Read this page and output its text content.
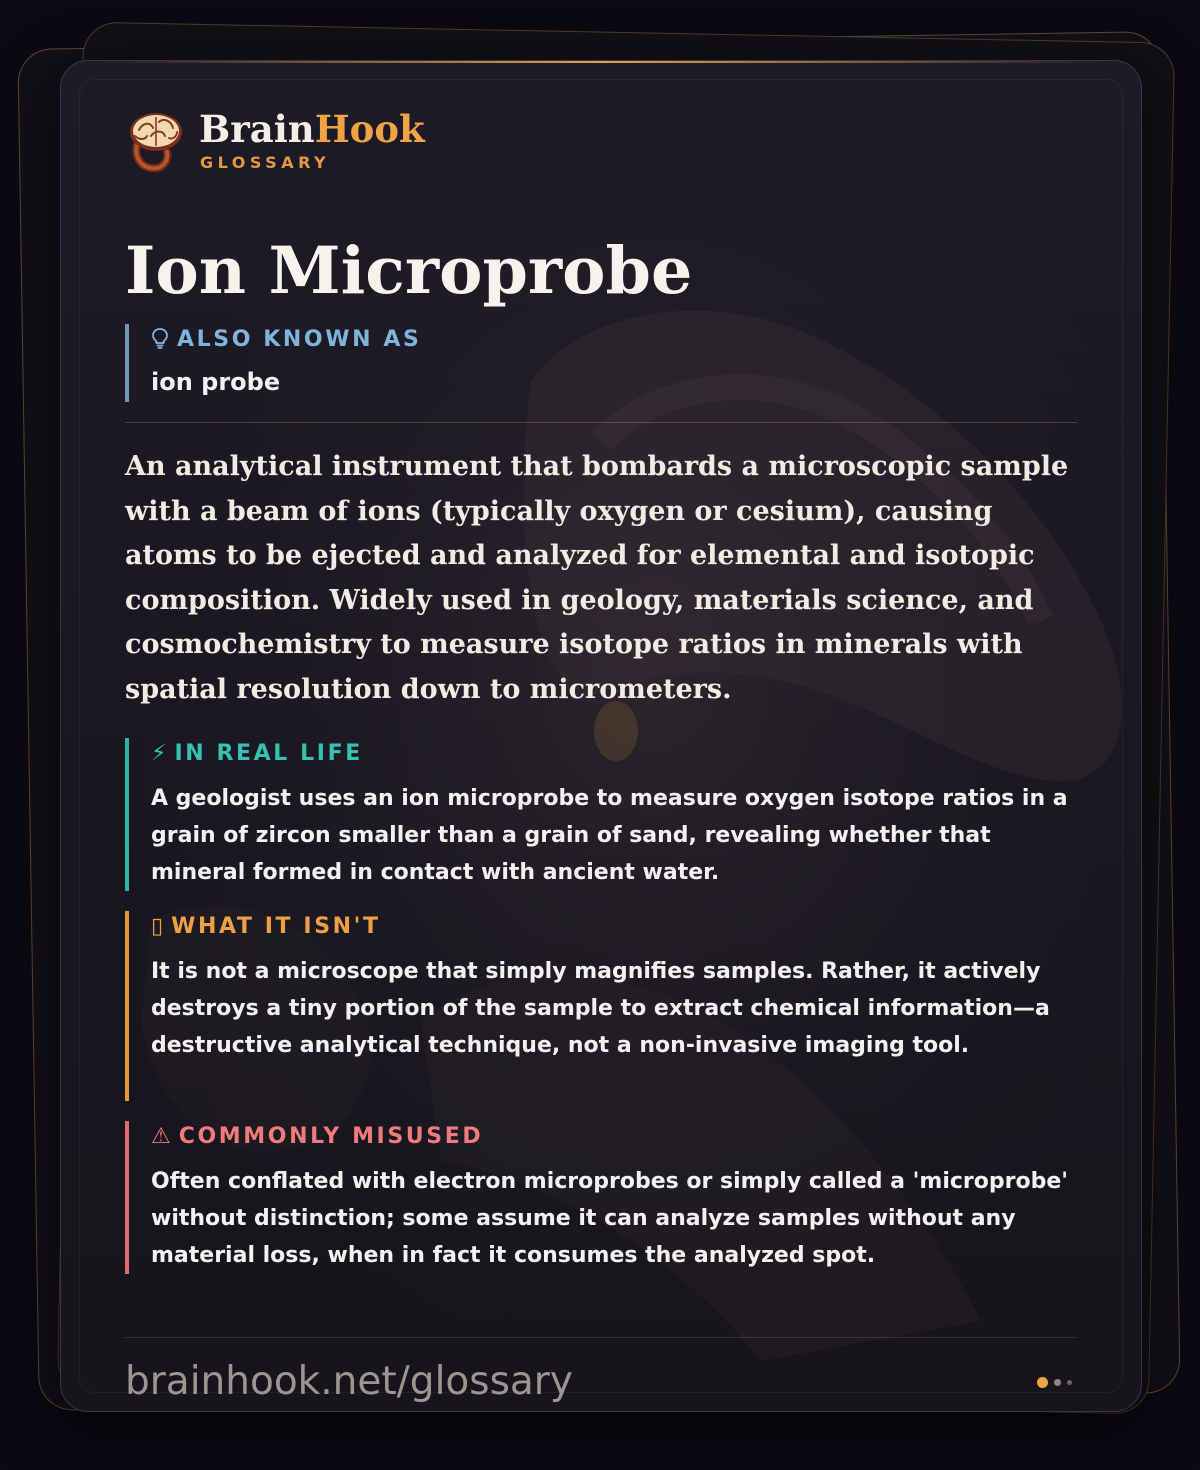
BrainHook
GLOSSARY
Ion Microprobe
ALSO KNOWN AS
ion probe

An analytical instrument that bombards a microscopic sample with a beam of ions (typically oxygen or cesium), causing atoms to be ejected and analyzed for elemental and isotopic composition. Widely used in geology, materials science, and cosmochemistry to measure isotope ratios in minerals with spatial resolution down to micrometers.

⚡ IN REAL LIFE

A geologist uses an ion microprobe to measure oxygen isotope ratios in a grain of zircon smaller than a grain of sand, revealing whether that mineral formed in contact with ancient water.

▯ WHAT IT ISN'T

It is not a microscope that simply magnifies samples. Rather, it actively destroys a tiny portion of the sample to extract chemical information—a destructive analytical technique, not a non-invasive imaging tool.

⚠ COMMONLY MISUSED

Often conflated with electron microprobes or simply called a 'microprobe' without distinction; some assume it can analyze samples without any material loss, when in fact it consumes the analyzed spot.

brainhook.net/glossary
